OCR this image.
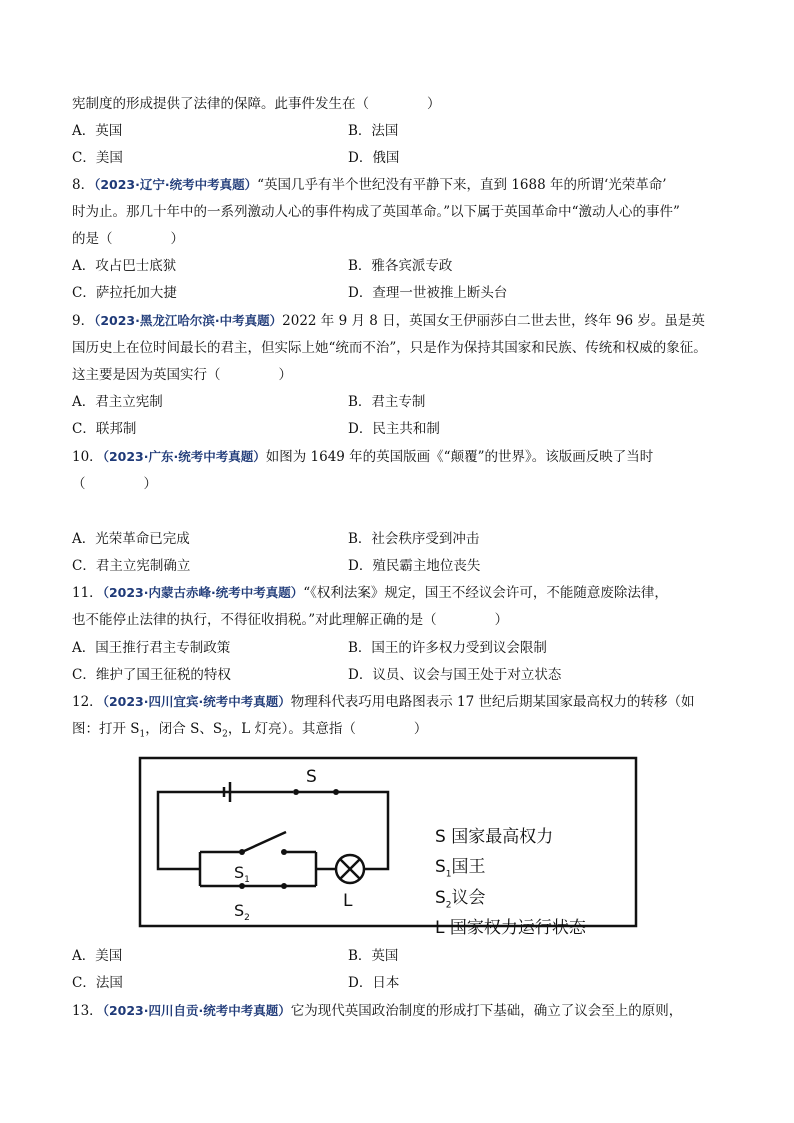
宪制度的形成提供了法律的保障。此事件发生在（	）
A．英国	B．法国
C．美国	D．俄国
8．（2023·辽宁·统考中考真题）“英国几乎有半个世纪没有平静下来，直到 1688 年的所谓‘光荣革命’
时为止。那几十年中的一系列激动人心的事件构成了英国革命。”以下属于英国革命中“激动人心的事件”
的是（	）
A．攻占巴士底狱	B．雅各宾派专政
C．萨拉托加大捷	D．查理一世被推上断头台
9．（2023·黑龙江哈尔滨·中考真题）2022 年 9 月 8 日，英国女王伊丽莎白二世去世，终年 96 岁。虽是英
国历史上在位时间最长的君主，但实际上她“统而不治”，只是作为保持其国家和民族、传统和权威的象征。
这主要是因为英国实行（	）
A．君主立宪制	B．君主专制
C．联邦制	D．民主共和制
10．（2023·广东·统考中考真题）如图为 1649 年的英国版画《“颠覆”的世界》。该版画反映了当时
（	）
A．光荣革命已完成	B．社会秩序受到冲击
C．君主立宪制确立	D．殖民霸主地位丧失
11．（2023·内蒙古赤峰·统考中考真题）“《权利法案》规定，国王不经议会许可，不能随意废除法律，
也不能停止法律的执行，不得征收捐税。”对此理解正确的是（	）
A．国王推行君主专制政策	B．国王的许多权力受到议会限制
C．维护了国王征税的特权	D．议员、议会与国王处于对立状态
12．（2023·四川宜宾·统考中考真题）物理科代表巧用电路图表示 17 世纪后期某国家最高权力的转移（如
图：打开 $S_1$，闭合 S、$S_2$，L 灯亮）。其意指（	）
S
$S_1$
$S_2$
L
S 国家最高权力
$S_1$国王
$S_2$议会
L 国家权力运行状态
A．美国	B．英国
C．法国	D．日本
13．（2023·四川自贡·统考中考真题）它为现代英国政治制度的形成打下基础，确立了议会至上的原则，
